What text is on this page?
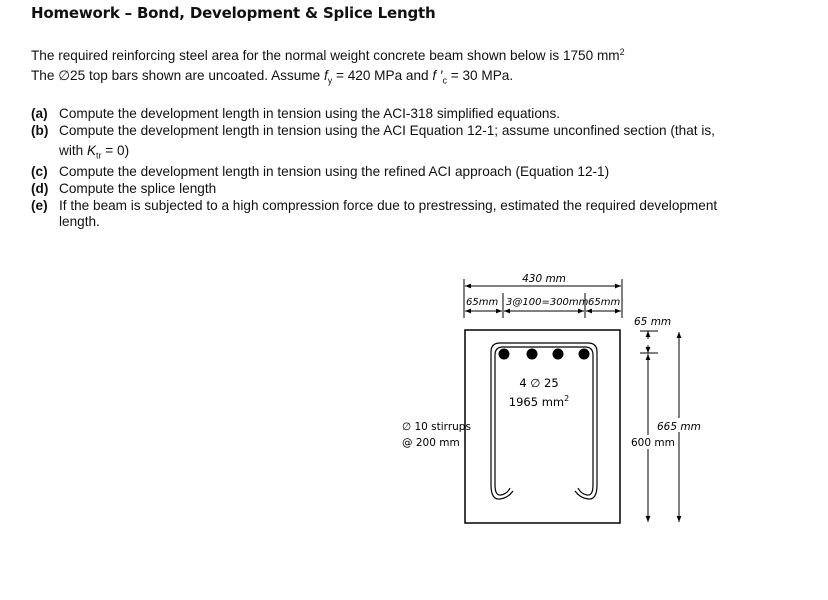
Homework – Bond, Development & Splice Length
The required reinforcing steel area for the normal weight concrete beam shown below is 1750 $mm^2$
The ∅25 top bars shown are uncoated. Assume $f_y = 420$ MPa and f $'_c = 30$ MPa.
(a) Compute the development length in tension using the ACI-318 simplified equations.
(b) Compute the development length in tension using the ACI Equation 12-1; assume unconfined section (that is,
with $K_{tr} = 0$)
(c) Compute the development length in tension using the refined ACI approach (Equation 12-1)
(d) Compute the splice length
(e) If the beam is subjected to a high compression force due to prestressing, estimated the required development
length.
430 mm
65mm 3@100=300mm 65mm
4 ∅ 25
1965 $mm^2$
∅ 10 stirrups
@ 200 mm
65 mm
665 mm
600 mm
